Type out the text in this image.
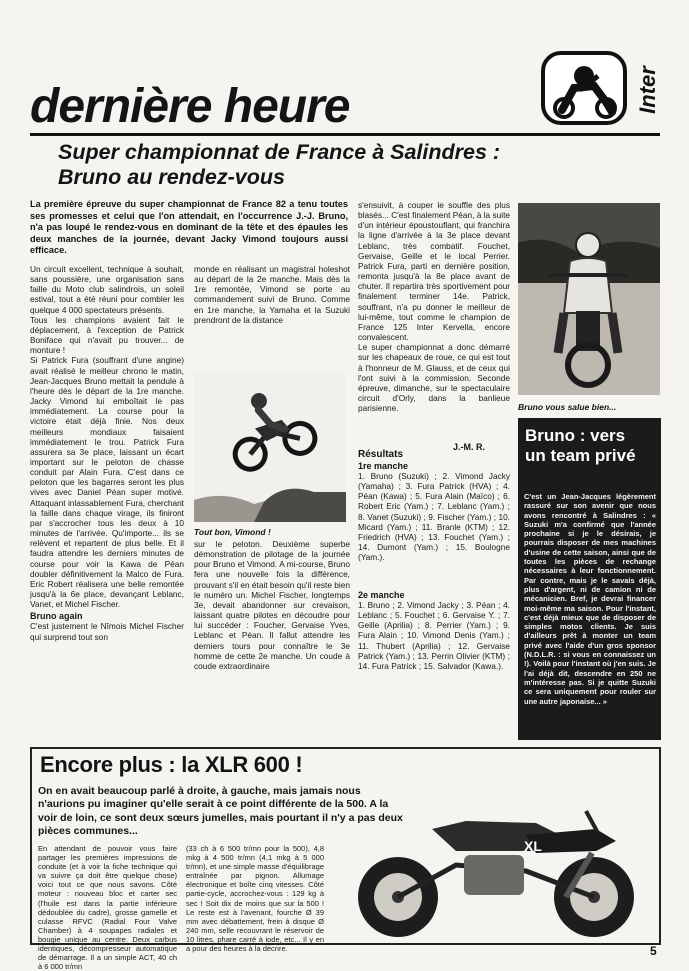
Inter
dernière heure
Super championnat de France à Salindres :
Bruno au rendez-vous
La première épreuve du super championnat de France 82 a tenu toutes ses promesses et celui que l'on attendait, en l'occurrence J.-J. Bruno, n'a pas loupé le rendez-vous en dominant de la tête et des épaules les deux manches de la journée, devant Jacky Vimond toujours aussi efficace.

Un circuit excellent, technique à souhait, sans poussière, une organisation sans faille du Moto club salindrois, un soleil estival, tout a été réuni pour combler les quelque 4 000 spectateurs présents.
Tous les champions avaient fait le déplacement, à l'exception de Patrick Boniface qui n'avait pu trouver... de monture !
Si Patrick Fura (souffrant d'une angine) avait réalisé le meilleur chrono le matin, Jean-Jacques Bruno mettait la pendule à l'heure dès le départ de la 1re manche. Jacky Vimond lui emboîtait le pas immédiatement. La course pour la victoire était déjà finie. Nos deux meilleurs mondiaux faisaient immédiatement le trou. Patrick Fura assurera sa 3e place, laissant un écart important sur le peloton de chasse conduit par Alain Fura. C'est dans ce peloton que les bagarres seront les plus vives avec Daniel Péan super motivé. Attaquant inlassablement Fura, cherchant la faille dans chaque virage, ils finiront par s'accrocher tous les deux à 10 minutes de l'arrivée. Qu'importe... ils se relèvent et repartent de plus belle. Et il faudra attendre les derniers minutes de course pour voir la Kawa de Péan doubler définitivement la Malco de Fura. Eric Robert réalisera une belle remontée jusqu'à la 6e place, devançant Leblanc, Vanet, et Michel Fischer.

Bruno again

C'est justement le Nîmois Michel Fischer qui surprend tout son

monde en réalisant un magistral holeshot au départ de la 2e manche. Mais dès la 1re remontée, Vimond se porte au commandement suivi de Bruno. Comme en 1re manche, la Yamaha et la Suzuki prendront de la distance

Tout bon, Vimond !

sur le peloton. Deuxième superbe démonstration de pilotage de la journée pour Bruno et Vimond. A mi-course, Bruno fera une nouvelle fois la différence, prouvant s'il en était besoin qu'il reste bien le numéro un. Michel Fischer, longtemps 3e, devait abandonner sur crevaison, laissant quatre pilotes en découdre pour lui succéder : Foucher, Gervaise Yves, Leblanc et Péan. Il fallut attendre les derniers tours pour connaître le 3e homme de cette 2e manche. Un coude à coude extraordinaire

s'ensuivit, à couper le souffle des plus blasés... C'est finalement Péan, à la suite d'un intérieur époustouflant, qui franchira la ligne d'arrivée à la 3e place devant Leblanc, très combatif. Fouchet, Gervaise, Geille et le local Perrier. Patrick Fura, parti en dernière position, remonta jusqu'à la 8e place avant de chuter. Il repartira très sportivement pour finalement terminer 14e. Patrick, souffrant, n'a pu donner le meilleur de lui-même, tout comme le champion de France 125 Inter Kervella, encore convalescent.
Le super championnat a donc démarré sur les chapeaux de roue, ce qui est tout à l'honneur de M. Glauss, et de ceux qui l'ont suivi à la commission. Seconde épreuve, dimanche, sur le spectaculaire circuit d'Orly, dans la banlieue parisienne.

J.-M. R.
Résultats
1re manche

1. Bruno (Suzuki) ; 2. Vimond Jacky (Yamaha) ; 3. Fura Patrick (HVA) ; 4. Péan (Kawa) ; 5. Fura Alain (Maïco) ; 6. Robert Eric (Yam.) ; 7. Leblanc (Yam.) ; 8. Vanet (Suzuki) ; 9. Fischer (Yam.) ; 10. Micard (Yam.) ; 11. Branle (KTM) ; 12. Friedrich (HVA) ; 13. Fouchet (Yam.) ; 14. Dumont (Yam.) ; 15. Boulogne (Yam.).

2e manche

1. Bruno ; 2. Vimond Jacky ; 3. Péan ; 4. Leblanc ; 5. Fouchet ; 6. Gervaise Y. ; 7. Geille (Aprilia) ; 8. Perrier (Yam.) ; 9. Fura Alain ; 10. Vimond Denis (Yam.) ; 11. Thubert (Aprilia) ; 12. Gervaise Patrick (Yam.) ; 13. Perrin Olivier (KTM) ; 14. Fura Patrick ; 15. Salvador (Kawa.).

Bruno vous salue bien...
Bruno : vers
un team privé
C'est un Jean-Jacques légèrement rassuré sur son avenir que nous avons rencontré à Salindres : « Suzuki m'a confirmé que l'année prochaine si je le désirais, je pourrais disposer de mes machines d'usine de cette saison, ainsi que de toutes les pièces de rechange nécessaires à leur fonctionnement. Par contre, mais je le savais déjà, plus d'argent, ni de camion ni de mécanicien. Bref, je devrai financer moi-même ma saison. Pour l'instant, c'est déjà mieux que de disposer de simples motos clients. Je suis d'ailleurs prêt à monter un team privé avec l'aide d'un gros sponsor (N.D.L.R. : si vous en connaissez un !). Voilà pour l'instant où j'en suis. Je l'ai déjà dit, descendre en 250 ne m'intéresse pas. Si je quitte Suzuki ce sera uniquement pour rouler sur une autre japonaise... »
Encore plus : la XLR 600 !
On en avait beaucoup parlé à droite, à gauche, mais jamais nous n'aurions pu imaginer qu'elle serait à ce point différente de la 500. A la voir de loin, ce sont deux sœurs jumelles, mais pourtant il n'y a pas deux pièces communes...

En attendant de pouvoir vous faire partager les premières impressions de conduite (et à voir la fiche technique qui va suivre ça doit être quelque chose) voici tout ce que nous savons. Côté moteur : nouveau bloc et carter sec (l'huile est dans la partie inférieure dédoublée du cadre), grosse gamelle et culasse RFVC (Radial Four Valve Chamber) à 4 soupapes radiales et bougie unique au centre. Deux carbus identiques, décompresseur automatique de démarrage. Il a un simple ACT, 40 ch à 6 000 tr/mn

(33 ch à 6 500 tr/mn pour la 500), 4,8 mkg à 4 500 tr/mn (4,1 mkg à 5 000 tr/mn), et une simple masse d'équilibrage entraînée par pignon. Allumage électronique et boîte cinq vitesses. Côté partie-cycle, accrochez-vous : 129 kg à sec ! Soit dix de moins que sur la 500 ! Le reste est à l'avenant, fourche Ø 39 mm avec débattement, frein à disque Ø 240 mm, selle recouvrant le réservoir de 10 litres, phare carré à iode, etc... Il y en a pour des heures à la décrire.

XL
5
